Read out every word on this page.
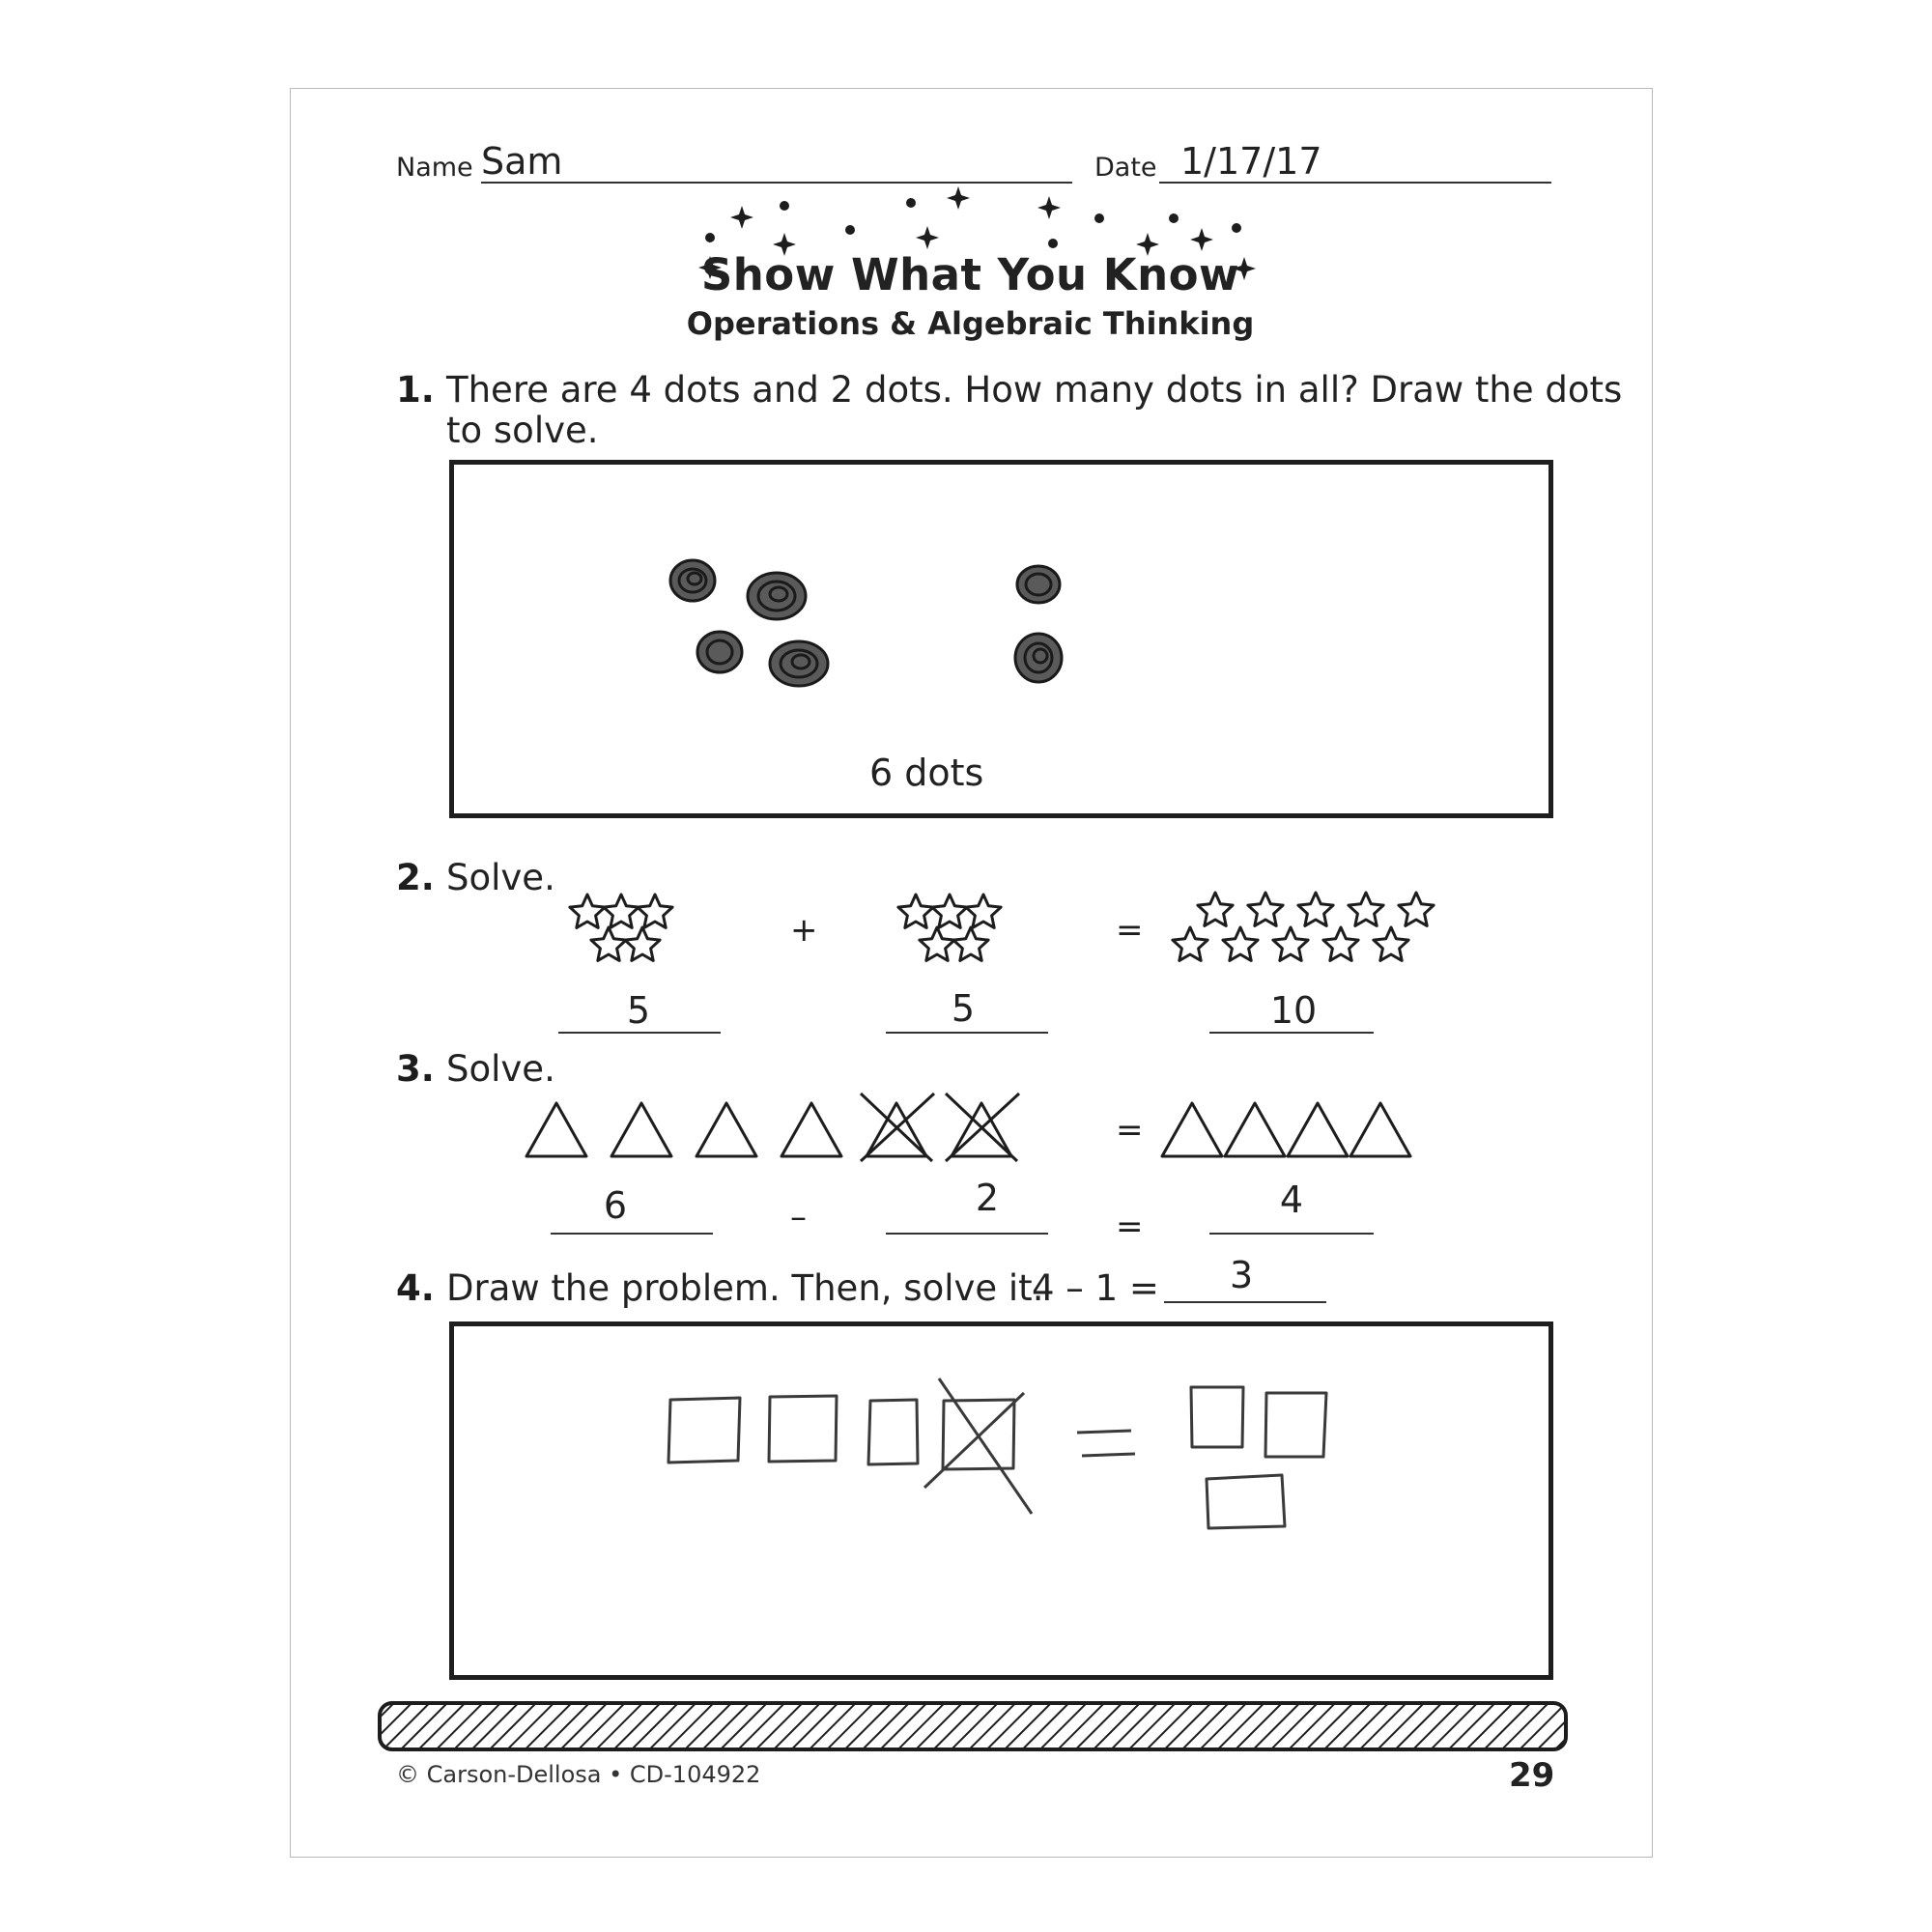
Name Sam	Date 1/17/17
Show What You Know
Operations & Algebraic Thinking
1. There are 4 dots and 2 dots. How many dots in all? Draw the dots
to solve.
6 dots
2. Solve.
+	=
5	5	10
3. Solve.
=
6	–	2
=
4
4. Draw the problem. Then, solve it.
4 – 1 =	3
© Carson-Dellosa • CD-104922	29
